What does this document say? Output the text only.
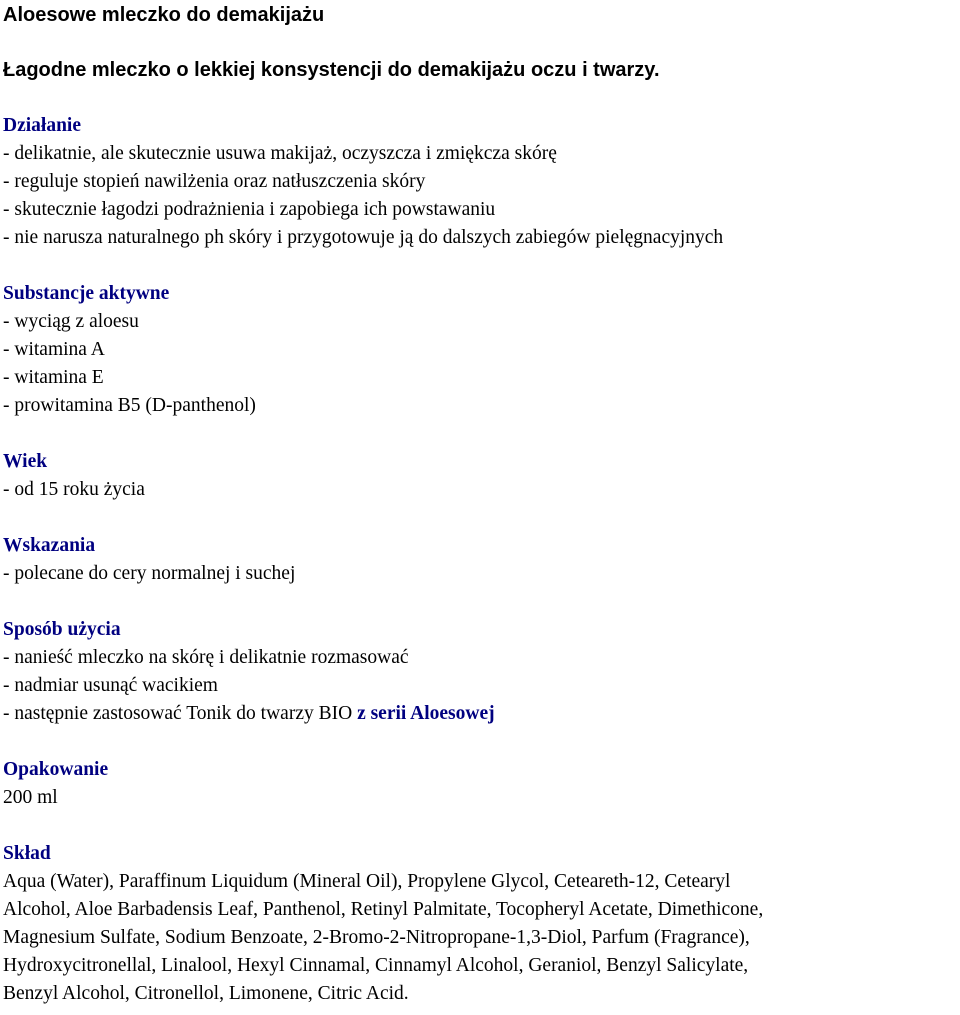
Aloesowe mleczko do demakijażu

Łagodne mleczko o lekkiej konsystencji do demakijażu oczu i twarzy.

Działanie

- delikatnie, ale skutecznie usuwa makijaż, oczyszcza i zmiękcza skórę

- reguluje stopień nawilżenia oraz natłuszczenia skóry

- skutecznie łagodzi podrażnienia i zapobiega ich powstawaniu

- nie narusza naturalnego ph skóry i przygotowuje ją do dalszych zabiegów pielęgnacyjnych

Substancje aktywne

- wyciąg z aloesu

- witamina A

- witamina E

- prowitamina B5 (D-panthenol)

Wiek

- od 15 roku życia

Wskazania

- polecane do cery normalnej i suchej

Sposób użycia

- nanieść mleczko na skórę i delikatnie rozmasować

- nadmiar usunąć wacikiem

- następnie zastosować Tonik do twarzy BIO z serii Aloesowej

Opakowanie

200 ml

Skład

Aqua (Water), Paraffinum Liquidum (Mineral Oil), Propylene Glycol, Ceteareth-12, Cetearyl

Alcohol, Aloe Barbadensis Leaf, Panthenol, Retinyl Palmitate, Tocopheryl Acetate, Dimethicone,

Magnesium Sulfate, Sodium Benzoate, 2-Bromo-2-Nitropropane-1,3-Diol, Parfum (Fragrance),

Hydroxycitronellal, Linalool, Hexyl Cinnamal, Cinnamyl Alcohol, Geraniol, Benzyl Salicylate,

Benzyl Alcohol, Citronellol, Limonene, Citric Acid.
